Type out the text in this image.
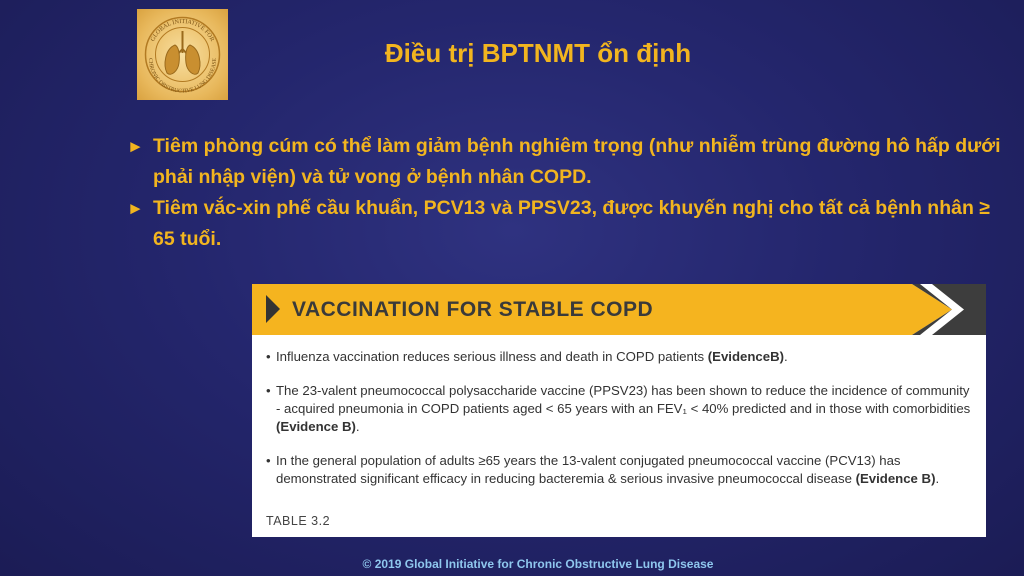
GLOBAL INITIATIVE FOR
CHRONIC OBSTRUCTIVE LUNG DISEASE	Điều trị BPTNMT ổn định
► Tiêm phòng cúm có thể làm giảm bệnh nghiêm trọng (như nhiễm trùng đường hô hấp dưới phải nhập viện) và tử vong ở bệnh nhân COPD.
► Tiêm vắc-xin phế cầu khuẩn, PCV13 và PPSV23, được khuyến nghị cho tất cả bệnh nhân ≥ 65 tuổi.
VACCINATION FOR STABLE COPD
• Influenza vaccination reduces serious illness and death in COPD patients (EvidenceB).
• The 23-valent pneumococcal polysaccharide vaccine (PPSV23) has been shown to reduce the incidence of community - acquired pneumonia in COPD patients aged < 65 years with an FEV₁ < 40% predicted and in those with comorbidities (Evidence B).
• In the general population of adults ≥65 years the 13-valent conjugated pneumococcal vaccine (PCV13) has demonstrated significant efficacy in reducing bacteremia & serious invasive pneumococcal disease (Evidence B).
TABLE 3.2
© 2019 Global Initiative for Chronic Obstructive Lung Disease
